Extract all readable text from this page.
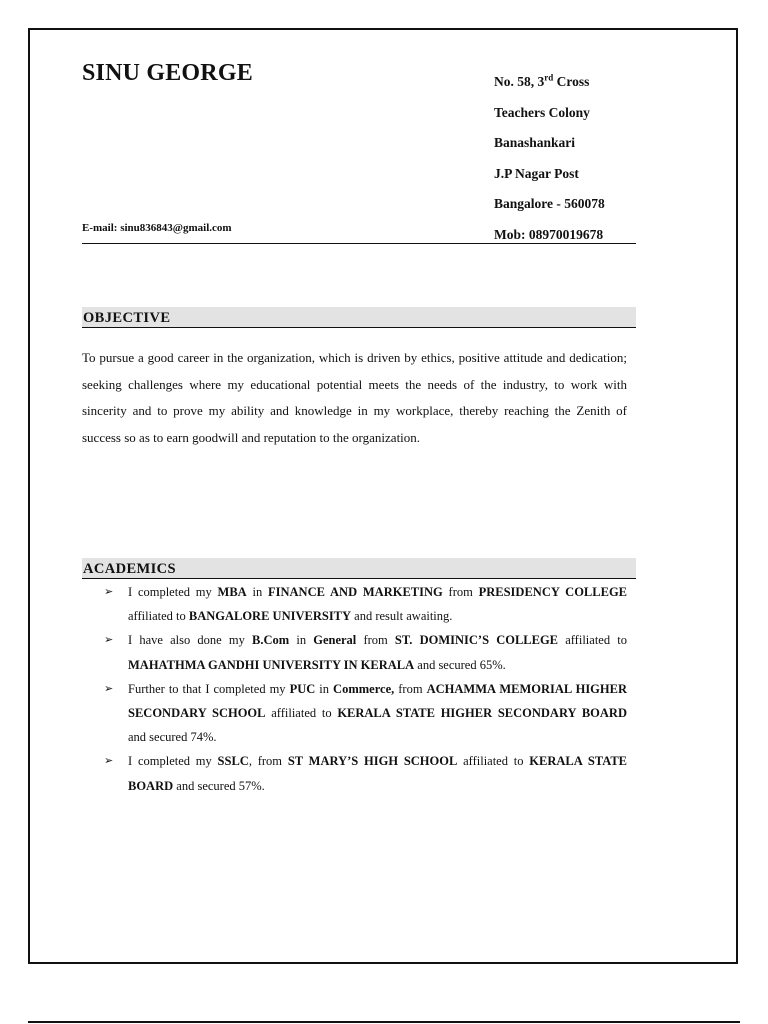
SINU GEORGE	No. 58, 3rd Cross
Teachers Colony
Banashankari
J.P Nagar Post
Bangalore - 560078
Mob: 08970019678
E-mail: sinu836843@gmail.com
OBJECTIVE
To pursue a good career in the organization, which is driven by ethics, positive attitude and dedication; seeking challenges where my educational potential meets the needs of the industry, to work with sincerity and to prove my ability and knowledge in my workplace, thereby reaching the Zenith of success so as to earn goodwill and reputation to the organization.
ACADEMICS
➢ I completed my MBA in FINANCE AND MARKETING from PRESIDENCY COLLEGE affiliated to BANGALORE UNIVERSITY and result awaiting.
➢ I have also done my B.Com in General from ST. DOMINIC’S COLLEGE affiliated to MAHATHMA GANDHI UNIVERSITY IN KERALA and secured 65%.
➢ Further to that I completed my PUC in Commerce, from ACHAMMA MEMORIAL HIGHER SECONDARY SCHOOL affiliated to KERALA STATE HIGHER SECONDARY BOARD and secured 74%.
➢ I completed my SSLC, from ST MARY’S HIGH SCHOOL affiliated to KERALA STATE BOARD and secured 57%.
